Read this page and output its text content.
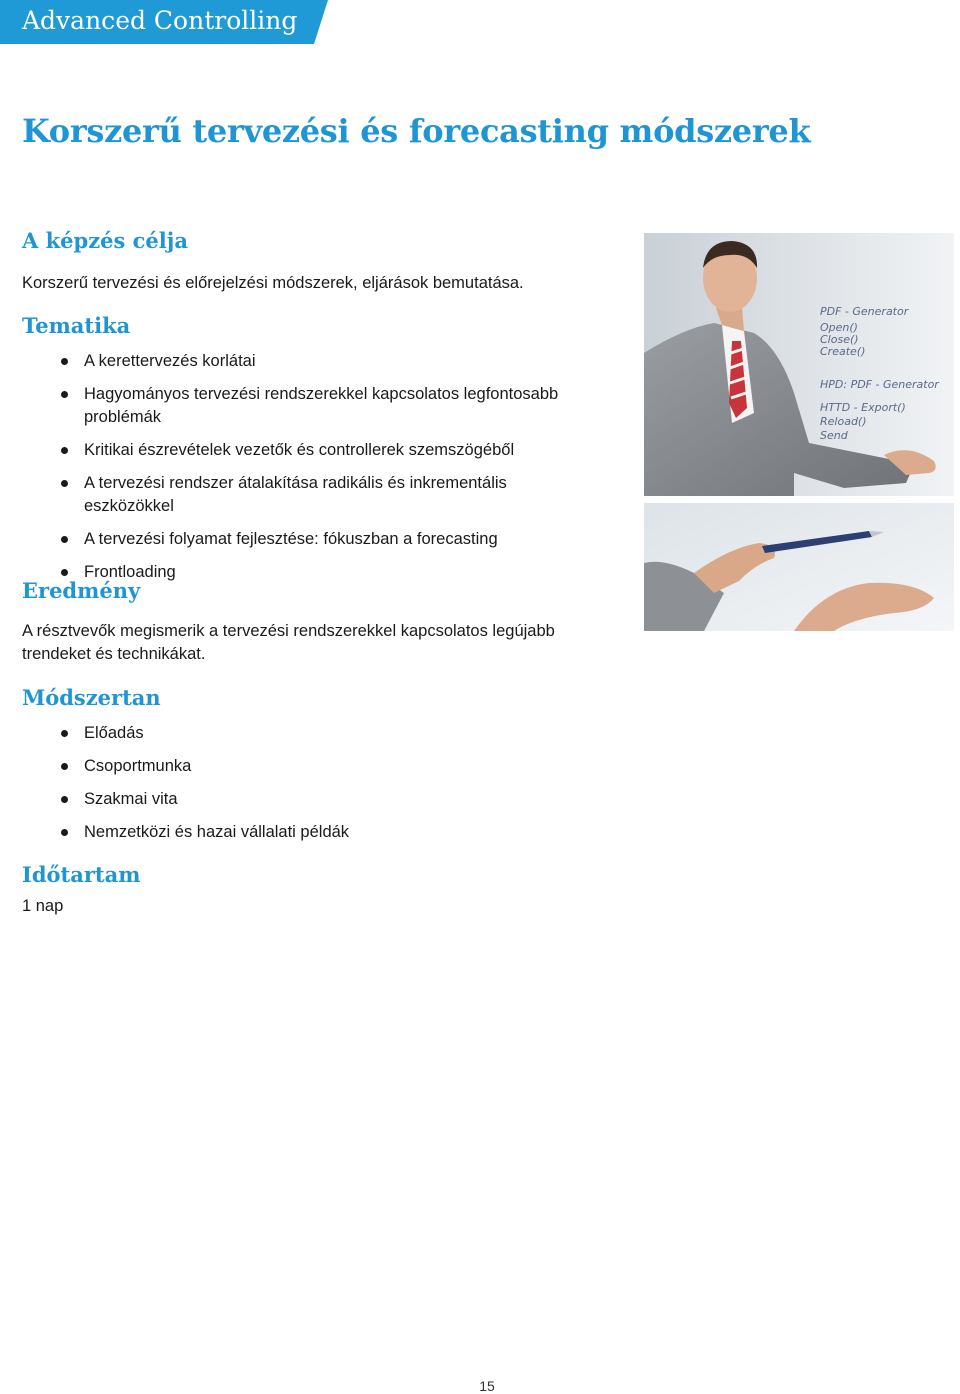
Advanced Controlling
Korszerű tervezési és forecasting módszerek
A képzés célja

Korszerű tervezési és előrejelzési módszerek, eljárások bemutatása.

Tematika
A kerettervezés korlátai
Hagyományos tervezési rendszerekkel kapcsolatos legfontosabb problémák
Kritikai észrevételek vezetők és controllerek szemszögéből
A tervezési rendszer átalakítása radikális és inkrementális eszközökkel
A tervezési folyamat fejlesztése: fókuszban a forecasting
Frontloading
Eredmény

A résztvevők megismerik a tervezési rendszerekkel kapcsolatos legújabb trendeket és technikákat.

Módszertan
Előadás
Csoportmunka
Szakmai vita
Nemzetközi és hazai vállalati példák
Időtartam

1 nap

PDF - Generator
Open()
Close()
Create()
HPD: PDF - Generator
HTTD - Export()
Reload()
Send
15
